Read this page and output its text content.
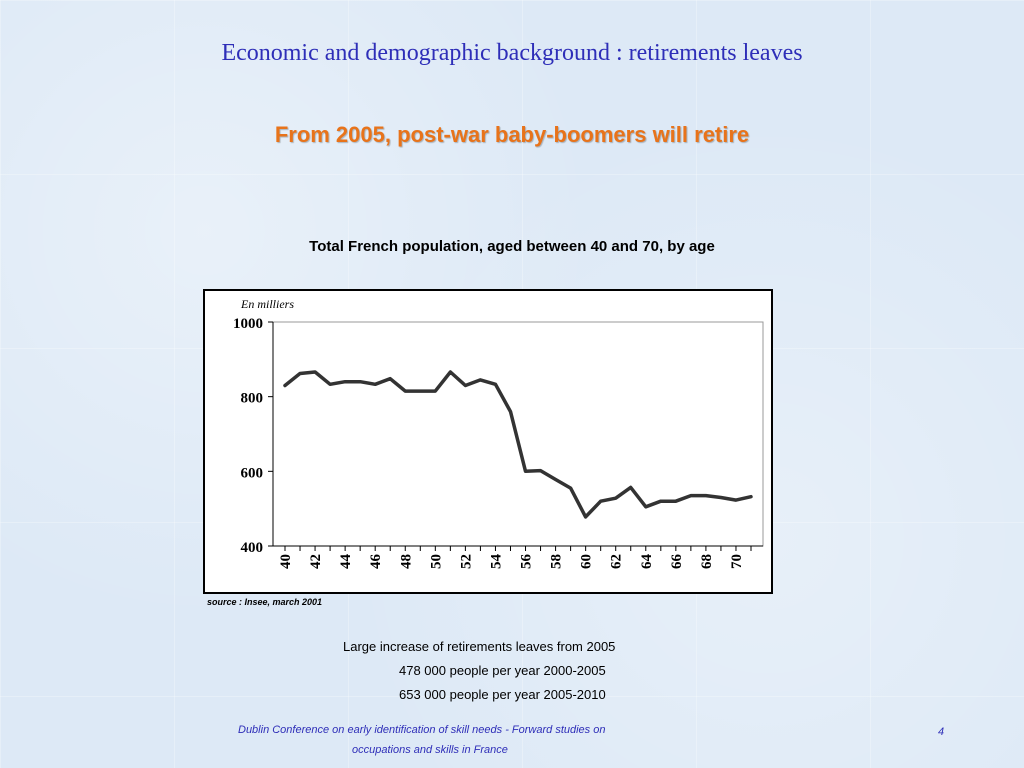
Economic and demographic background : retirements leaves
From 2005, post-war baby-boomers will retire
Total French population, aged between 40 and 70, by age
En milliers
400
600
800
1000
40 42 44 46 48 50 52 54 56 58 60 62 64 66 68 70
source : Insee, march 2001
Large increase of retirements leaves from 2005
478 000 people per year 2000-2005
653 000 people per year 2005-2010
Dublin Conference on early identification of skill needs - Forward studies on
occupations and skills in France
4
